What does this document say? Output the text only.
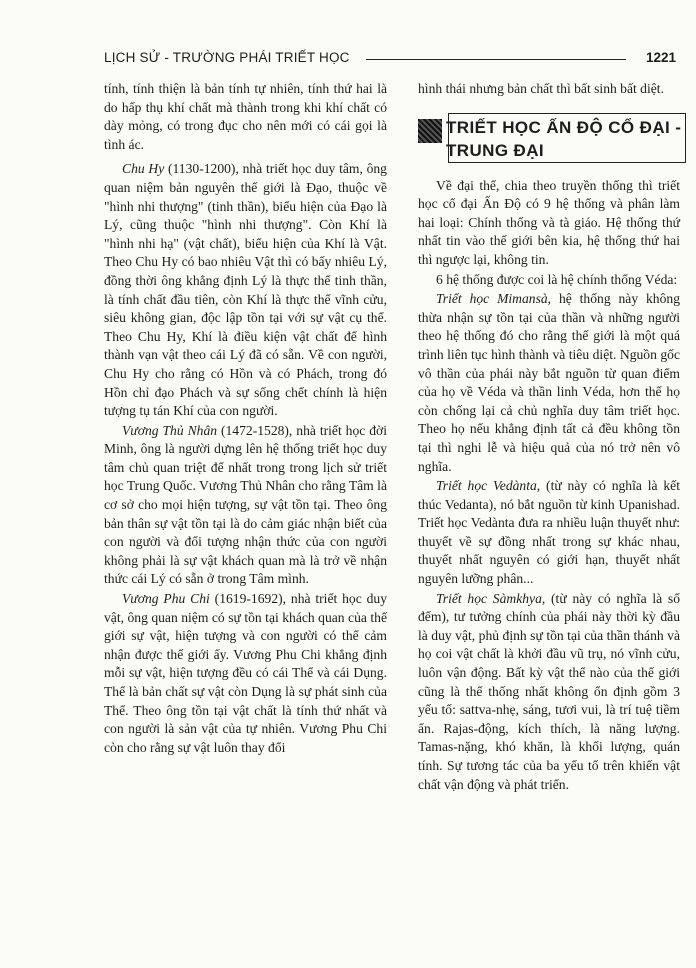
LỊCH SỬ - TRƯỜNG PHÁI TRIẾT HỌC	1221

tính, tính thiện là bản tính tự nhiên, tính thứ hai là do hấp thụ khí chất mà thành trong khi khí chất có dày mỏng, có trong đục cho nên mới có cái gọi là tình ác.

Chu Hy (1130-1200), nhà triết học duy tâm, ông quan niệm bản nguyên thế giới là Đạo, thuộc về "hình nhi thượng" (tinh thần), biểu hiện của Đạo là Lý, cũng thuộc "hình nhi thượng". Còn Khí là "hình nhi hạ" (vật chất), biểu hiện của Khí là Vật. Theo Chu Hy có bao nhiêu Vật thì có bấy nhiêu Lý, đồng thời ông khẳng định Lý là thực thể tinh thần, là tính chất đầu tiên, còn Khí là thực thể vĩnh cửu, siêu không gian, độc lập tồn tại với sự vật cụ thể. Theo Chu Hy, Khí là điều kiện vật chất để hình thành vạn vật theo cái Lý đã có sẵn. Về con người, Chu Hy cho rằng có Hồn và có Phách, trong đó Hồn chỉ đạo Phách và sự sống chết chính là hiện tượng tụ tán Khí của con người.

Vương Thủ Nhân (1472-1528), nhà triết học đời Minh, ông là người dựng lên hệ thống triết học duy tâm chủ quan triệt để nhất trong trong lịch sử triết học Trung Quốc. Vương Thủ Nhân cho rằng Tâm là cơ sở cho mọi hiện tượng, sự vật tồn tại. Theo ông bản thân sự vật tồn tại là do cảm giác nhận biết của con người và đối tượng nhận thức của con người không phải là sự vật khách quan mà là trở về nhận thức cái Lý có sẵn ở trong Tâm mình.

Vương Phu Chi (1619-1692), nhà triết học duy vật, ông quan niệm có sự tồn tại khách quan của thế giới sự vật, hiện tượng và con người có thể cảm nhận được thế giới ấy. Vương Phu Chi khẳng định mỗi sự vật, hiện tượng đều có cái Thể và cái Dụng. Thể là bản chất sự vật còn Dụng là sự phát sinh của Thể. Theo ông tồn tại vật chất là tính thứ nhất và con người là sản vật của tự nhiên. Vương Phu Chi còn cho rằng sự vật luôn thay đổi

hình thái nhưng bản chất thì bất sinh bất diệt.

TRIẾT HỌC ẤN ĐỘ CỔ ĐẠI -
TRUNG ĐẠI

Về đại thể, chia theo truyền thống thì triết học cổ đại Ấn Độ có 9 hệ thống và phân làm hai loại: Chính thống và tà giáo. Hệ thống thứ nhất tin vào thế giới bên kia, hệ thống thứ hai thì ngược lại, không tin.

6 hệ thống được coi là hệ chính thống Véda:

Triết học Mimansà, hệ thống này không thừa nhận sự tồn tại của thần và những người theo hệ thống đó cho rằng thế giới là một quá trình liên tục hình thành và tiêu diệt. Nguồn gốc vô thần của phái này bắt nguồn từ quan điểm của họ về Véda và thần linh Véda, hơn thế họ còn chống lại cả chủ nghĩa duy tâm triết học. Theo họ nếu khẳng định tất cả đều không tồn tại thì nghi lễ và hiệu quả của nó trở nên vô nghĩa.

Triết học Vedànta, (từ này có nghĩa là kết thúc Vedanta), nó bắt nguồn từ kinh Upanishad. Triết học Vedànta đưa ra nhiều luận thuyết như: thuyết về sự đồng nhất trong sự khác nhau, thuyết nhất nguyên có giới hạn, thuyết nhất nguyên lưỡng phân...

Triết học Sàmkhya, (từ này có nghĩa là số đếm), tư tưởng chính của phái này thời kỳ đầu là duy vật, phủ định sự tồn tại của thần thánh và họ coi vật chất là khởi đầu vũ trụ, nó vĩnh cửu, luôn vận động. Bất kỳ vật thể nào của thế giới cũng là thể thống nhất không ổn định gồm 3 yếu tố: sattva-nhẹ, sáng, tươi vui, là trí tuệ tiềm ẩn. Rajas-động, kích thích, là năng lượng. Tamas-nặng, khó khăn, là khối lượng, quán tính. Sự tương tác của ba yếu tố trên khiến vật chất vận động và phát triển.
